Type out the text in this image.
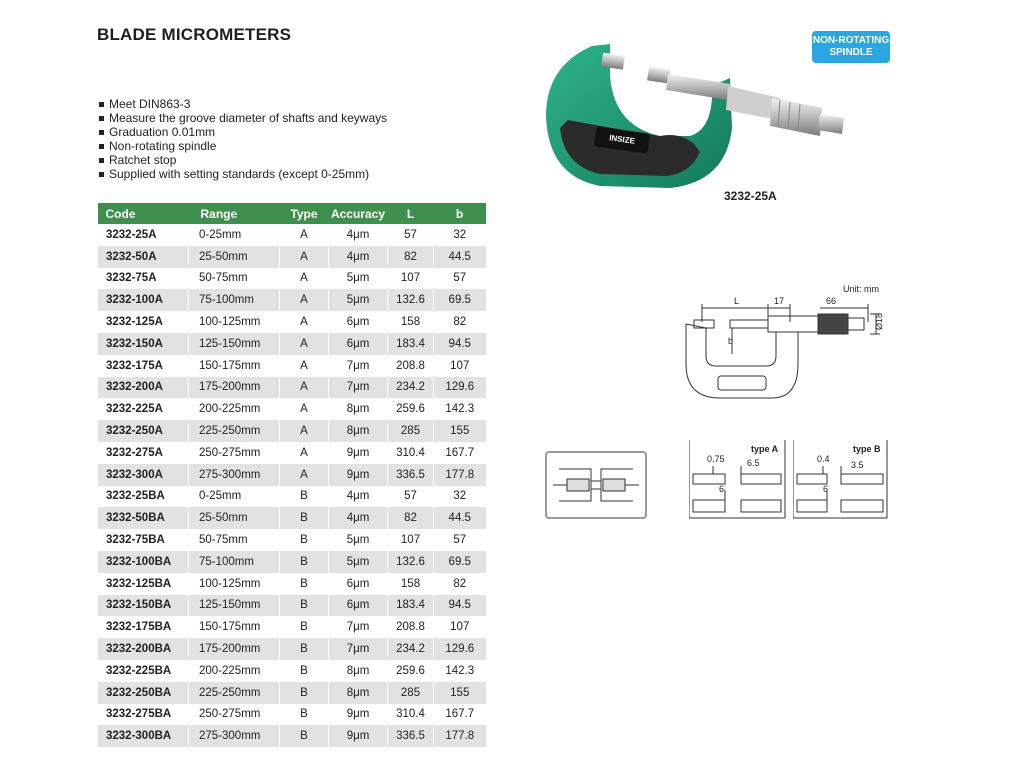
BLADE MICROMETERS	NON-ROTATING
SPINDLE
Meet DIN863-3
Measure the groove diameter of shafts and keyways
Graduation 0.01mm
Non-rotating spindle
Ratchet stop
Supplied with setting standards (except 0-25mm)
Code	Range	Type	Accuracy	L	b
3232-25A	0-25mm	A	4μm	57	32
3232-50A	25-50mm	A	4μm	82	44.5
3232-75A	50-75mm	A	5μm	107	57
3232-100A	75-100mm	A	5μm	132.6	69.5
3232-125A	100-125mm	A	6μm	158	82
3232-150A	125-150mm	A	6μm	183.4	94.5
3232-175A	150-175mm	A	7μm	208.8	107
3232-200A	175-200mm	A	7μm	234.2	129.6
3232-225A	200-225mm	A	8μm	259.6	142.3
3232-250A	225-250mm	A	8μm	285	155
3232-275A	250-275mm	A	9μm	310.4	167.7
3232-300A	275-300mm	A	9μm	336.5	177.8
3232-25BA	0-25mm	B	4μm	57	32
3232-50BA	25-50mm	B	4μm	82	44.5
3232-75BA	50-75mm	B	5μm	107	57
3232-100BA	75-100mm	B	5μm	132.6	69.5
3232-125BA	100-125mm	B	6μm	158	82
3232-150BA	125-150mm	B	6μm	183.4	94.5
3232-175BA	150-175mm	B	7μm	208.8	107
3232-200BA	175-200mm	B	7μm	234.2	129.6
3232-225BA	200-225mm	B	8μm	259.6	142.3
3232-250BA	225-250mm	B	8μm	285	155
3232-275BA	250-275mm	B	9μm	310.4	167.7
3232-300BA	275-300mm	B	9μm	336.5	177.8
INSIZE
3232-25A
Unit: mm
L	17	66
Ø18
b
type A
0.75 6.5
6
type B
0.4
3.5
6
